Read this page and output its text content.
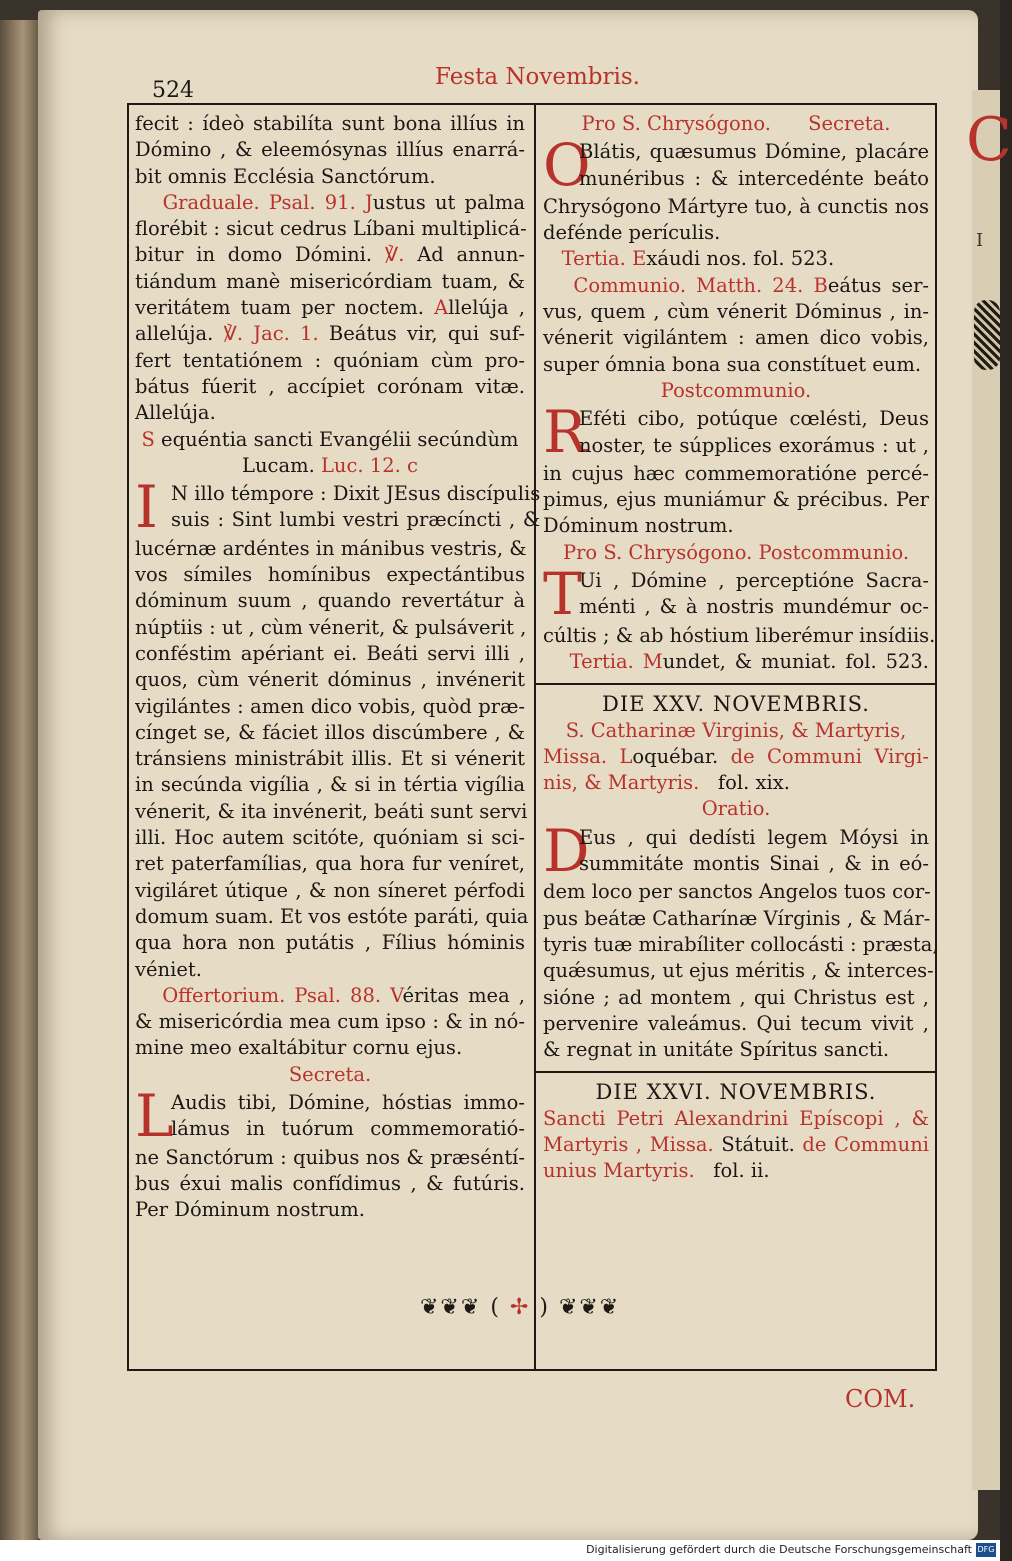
C
I
524
Festa Novembris.
fecit : ídeò stabilíta sunt bona illíus in
Dómino , & eleemósynas illíus enarrá-
bit omnis Ecclésia Sanctórum.
Graduale. Psal. 91. Justus ut palma
florébit : sicut cedrus Líbani multiplicá-
bitur in domo Dómini. ℣. Ad annun-
tiándum manè misericórdiam tuam, &
veritátem tuam per noctem. Allelúja ,
allelúja. ℣. Jac. 1. Beátus vir, qui suf-
fert tentatiónem : quóniam cùm pro-
bátus fúerit , accípiet corónam vitæ.
Allelúja.
S equéntia sancti Evangélii secúndùm
Lucam. Luc. 12. c
I N illo témpore : Dixit JEsus discípulis
suis : Sint lumbi vestri præcíncti , &
lucérnæ ardéntes in mánibus vestris, &
vos símiles homínibus expectántibus
dóminum suum , quando revertátur à
núptiis : ut , cùm vénerit, & pulsáverit ,
conféstim apériant ei. Beáti servi illi ,
quos, cùm vénerit dóminus , invénerit
vigilántes : amen dico vobis, quòd præ-
cínget se, & fáciet illos discúmbere , &
tránsiens ministrábit illis. Et si vénerit
in secúnda vigília , & si in tértia vigília
vénerit, & ita invénerit, beáti sunt servi
illi. Hoc autem scitóte, quóniam si sci-
ret paterfamílias, qua hora fur veníret,
vigiláret útique , & non síneret pérfodi
domum suam. Et vos estóte paráti, quia
qua hora non putátis , Fílius hóminis
véniet.
Offertorium. Psal. 88. Véritas mea ,
& misericórdia mea cum ipso : & in nó-
mine meo exaltábitur cornu ejus.
Secreta.
L
Audis tibi, Dómine, hóstias immo-
lámus in tuórum commemoratió-
ne Sanctórum : quibus nos & præséntí-
bus éxui malis confídimus , & futúris.
Per Dóminum nostrum.
Pro S. Chrysógono. Secreta.
O
Blátis, quæsumus Dómine, placáre
munéribus : & intercedénte beáto
Chrysógono Mártyre tuo, à cunctis nos
defénde perículis.
Tertia. Exáudi nos. fol. 523.
Communio. Matth. 24. Beátus ser-
vus, quem , cùm vénerit Dóminus , in-
vénerit vigilántem : amen dico vobis,
super ómnia bona sua constítuet eum.
Postcommunio.
R
Eféti cibo, potúque cœlésti, Deus
noster, te súpplices exorámus : ut ,
in cujus hæc commemoratióne percé-
pimus, ejus muniámur & précibus. Per
Dóminum nostrum.
Pro S. Chrysógono. Postcommunio.
T
Ui , Dómine , perceptióne Sacra-
ménti , & à nostris mundémur oc-
cúltis ; & ab hóstium liberémur insídiis.
Tertia. Mundet, & muniat. fol. 523.
DIE XXV. NOVEMBRIS.
S. Catharinæ Virginis, & Martyris,
Missa. Loquébar. de Communi Virgi-
nis, & Martyris. fol. xix.
Oratio.
D
Eus , qui dedísti legem Móysi in
summitáte montis Sinai , & in eó-
dem loco per sanctos Angelos tuos cor-
pus beátæ Catharínæ Vírginis , & Már-
tyris tuæ mirabíliter collocásti : præsta,
quǽsumus, ut ejus méritis , & interces-
sióne ; ad montem , qui Christus est ,
pervenire valeámus. Qui tecum vivit ,
& regnat in unitáte Spíritus sancti.
DIE XXVI. NOVEMBRIS.
Sancti Petri Alexandrini Epíscopi , &
Martyris , Missa. Státuit. de Communi
unius Martyris. fol. ii.
❦❦❦ ( ✢ ) ❦❦❦
COM.
Digitalisierung gefördert durch die Deutsche Forschungsgemeinschaft DFG
